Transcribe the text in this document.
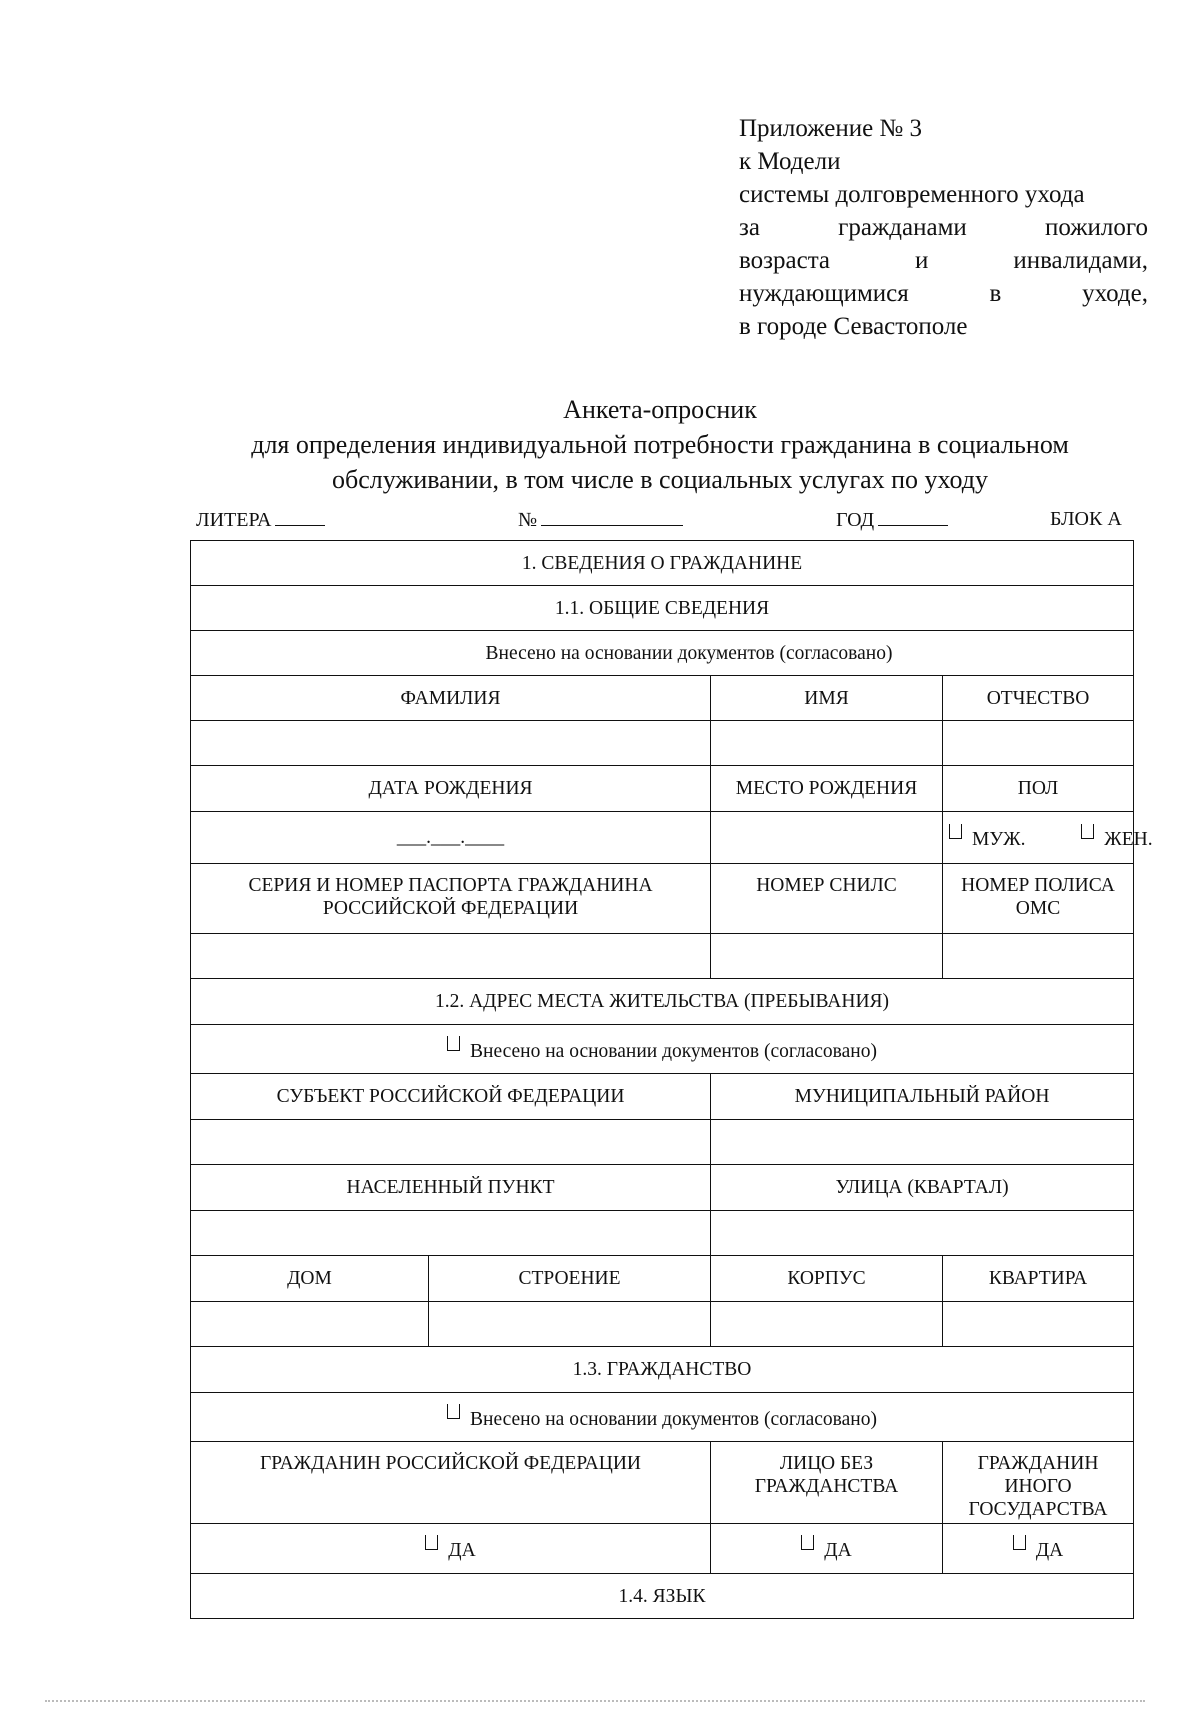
Приложение № 3
к Модели
системы долговременного ухода
за гражданами пожилого
возраста и инвалидами,
нуждающимися в уходе,
в городе Севастополе
Анкета-опросник
для определения индивидуальной потребности гражданина в социальном
обслуживании, в том числе в социальных услугах по уходу
ЛИТЕРА	№	ГОД	БЛОК А
1. СВЕДЕНИЯ О ГРАЖДАНИНЕ			
1.1. ОБЩИЕ СВЕДЕНИЯ			
Внесено на основании документов (согласовано)			
ФАМИЛИЯ		ИМЯ	ОТЧЕСТВО

ДАТА РОЖДЕНИЯ		МЕСТО РОЖДЕНИЯ	ПОЛ
___.___.____			МУЖ. ЖЕН.
СЕРИЯ И НОМЕР ПАСПОРТА ГРАЖДАНИНА РОССИЙСКОЙ ФЕДЕРАЦИИ		НОМЕР СНИЛС	НОМЕР ПОЛИСА ОМС

1.2. АДРЕС МЕСТА ЖИТЕЛЬСТВА (ПРЕБЫВАНИЯ)			
Внесено на основании документов (согласовано)			
СУБЪЕКТ РОССИЙСКОЙ ФЕДЕРАЦИИ		МУНИЦИПАЛЬНЫЙ РАЙОН	

НАСЕЛЕННЫЙ ПУНКТ		УЛИЦА (КВАРТАЛ)	

ДОМ	СТРОЕНИЕ	КОРПУС	КВАРТИРА

1.3. ГРАЖДАНСТВО			
Внесено на основании документов (согласовано)			
ГРАЖДАНИН РОССИЙСКОЙ ФЕДЕРАЦИИ		ЛИЦО БЕЗ ГРАЖДАНСТВА	ГРАЖДАНИН ИНОГО ГОСУДАРСТВА
ДА		ДА	ДА
1.4. ЯЗЫК			
